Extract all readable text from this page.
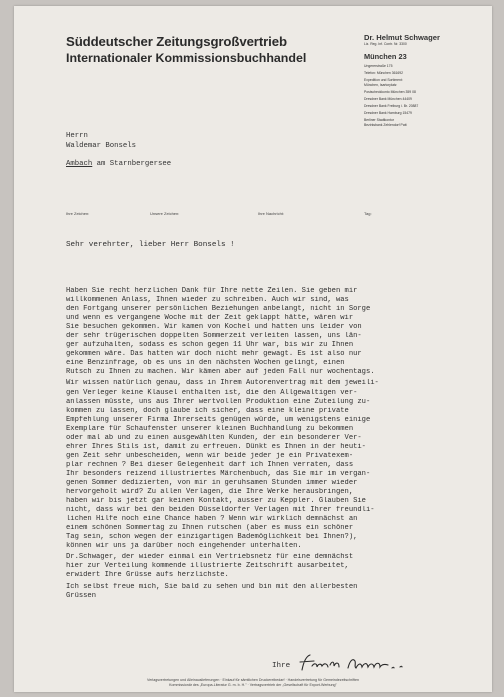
Süddeutscher Zeitungsgroßvertrieb
Internationaler Kommissionsbuchhandel
Dr. Helmut Schwager
Liz. Reg. Inf. Contr. Nr. 3300
München 23
Ungererstraße 175
Telefon: München 361692
Expedition und Sortiment:
München, Isartorplatz
Postscheckkonto München 359 08
Dresdner Bank München 44409
Dresdner Bank Freiburg i. Br. 20887
Dresdner Bank Hamburg 15479
Berliner Stadtkontor
Bezirksbank Zehlendorf Patt
Herrn
Waldemar Bonsels
Ambach am Starnbergersee
Ihre Zeichen:	Unsere Zeichen:	Ihre Nachricht:	Tag:
Sehr verehrter, lieber Herr Bonsels !
Haben Sie recht herzlichen Dank für Ihre nette Zeilen. Sie geben mir
willkommenen Anlass, Ihnen wieder zu schreiben. Auch wir sind, was
den Fortgang unserer persönlichen Beziehungen anbelangt, nicht in Sorge
und wenn es vergangene Woche mit der Zeit geklappt hätte, wären wir
Sie besuchen gekommen. Wir kamen von Kochel und hatten uns leider von
der sehr trügerischen doppelten Sommerzeit verleiten lassen, uns län-
ger aufzuhalten, sodass es schon gegen 11 Uhr war, bis wir zu Ihnen
gekommen wäre. Das hatten wir doch nicht mehr gewagt. Es ist also nur
eine Benzinfrage, ob es uns in den nächsten Wochen gelingt, einen
Rutsch zu Ihnen zu machen. Wir kämen aber auf jeden Fall nur wochentags.
Wir wissen natürlich genau, dass in Ihrem Autorenvertrag mit dem jeweili-
gen Verleger keine Klausel enthalten ist, die den Allgewaltigen ver-
anlassen müsste, uns aus Ihrer wertvollen Produktion eine Zuteilung zu-
kommen zu lassen, doch glaube ich sicher, dass eine kleine private
Empfehlung unserer Firma Ihrerseits genügen würde, um wenigstens einige
Exemplare für Schaufenster unserer kleinen Buchhandlung zu bekommen
oder mal ab und zu einen ausgewählten Kunden, der ein besonderer Ver-
ehrer Ihres Stils ist, damit zu erfreuen. Dünkt es Ihnen in der heuti-
gen Zeit sehr unbescheiden, wenn wir beide jeder je ein Privatexem-
plar rechnen ? Bei dieser Gelegenheit darf ich Ihnen verraten, dass
Ihr besonders reizend illustriertes Märchenbuch, das Sie mir im vergan-
genen Sommer dedizierten, von mir in geruhsamen Stunden immer wieder
hervorgeholt wird? Zu allen Verlagen, die Ihre Werke herausbringen,
haben wir bis jetzt gar keinen Kontakt, ausser zu Keppler. Glauben Sie
nicht, dass wir bei den beiden Düsseldorfer Verlagen mit Ihrer freundli-
lichen Hilfe noch eine Chance haben ? Wenn wir wirklich demnächst an
einem schönen Sommertag zu Ihnen rutschen (aber es muss ein schöner
Tag sein, schon wegen der einzigartigen Bademöglichkeit bei Ihnen?),
können wir uns ja darüber noch eingehender unterhalten.
Dr.Schwager, der wieder einmal ein Vertriebsnetz für eine demnächst
hier zur Verteilung kommende illustrierte Zeitschrift ausarbeitet,
erwidert Ihre Grüsse aufs herzlichste.
Ich selbst freue mich, Sie bald zu sehen und bin mit den allerbesten
Grüssen
Ihre
Verlagsvertretungen und Alleinauslieferungen · Einkauf für sämtlichen Druckereibedarf · Handelsvertretung für Gemeindezeitschriften
Kommissionär des „Europa-Literatur G. m. b. H." · Vertragsvertrieb der „Gesellschaft für Export-Werbung"
